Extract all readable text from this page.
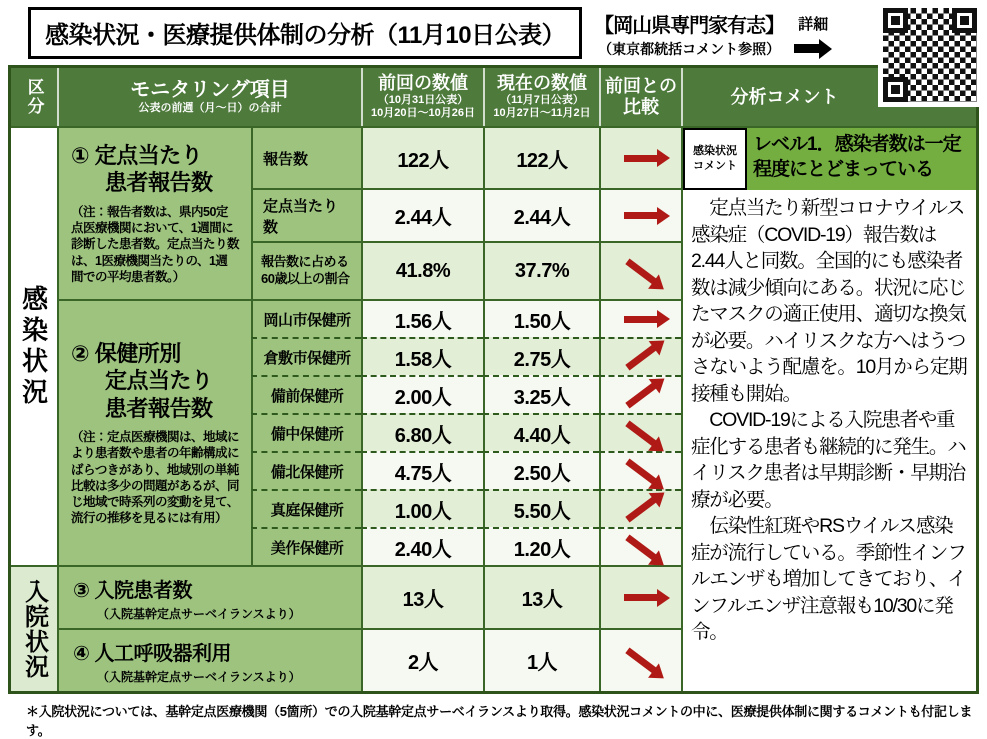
感染状況・医療提供体制の分析（11月10日公表）	【岡山県専門家有志】
（東京都統括コメント参照）
詳細
区分	モニタリング項目
公表の前週（月～日）の合計
前回の数値
（10月31日公表）
10月20日～10月26日
現在の数値
（11月7日公表）
10月27日～11月2日
前回との比較
分析コメント
感染状況
入院状況
① 定点当たり
患者報告数
（注：報告者数は、県内50定点医療機関において、1週間に診断した患者数。定点当たり数は、1医療機関当たりの、1週間での平均患者数。）
② 保健所別
定点当たり
患者報告数
（注：定点医療機関は、地域により患者数や患者の年齢構成にばらつきがあり、地域別の単純比較は多少の問題があるが、同じ地域で時系列の変動を見て、流行の推移を見るには有用）
③ 入院患者数
（入院基幹定点サーベイランスより）
④ 人工呼吸器利用
（入院基幹定点サーベイランスより）
報告数
定点当たり数
報告数に占める60歳以上の割合
岡山市保健所
倉敷市保健所
備前保健所
備中保健所
備北保健所
真庭保健所
美作保健所
122人
2.44人
41.8%
1.56人
1.58人
2.00人
6.80人
4.75人
1.00人
2.40人
13人
2人
122人
2.44人
37.7%
1.50人
2.75人
3.25人
4.40人
2.50人
5.50人
1.20人
13人
1人
感染状況コメント
レベル1．感染者数は一定程度にとどまっている

　定点当たり新型コロナウイルス感染症（COVID-19）報告数は2.44人と同数。全国的にも感染者数は減少傾向にある。状況に応じたマスクの適正使用、適切な換気が必要。ハイリスクな方へはうつさないよう配慮を。10月から定期接種も開始。

　COVID-19による入院患者や重症化する患者も継続的に発生。ハイリスク患者は早期診断・早期治療が必要。

　伝染性紅斑やRSウイルス感染症が流行している。季節性インフルエンザも増加してきており、インフルエンザ注意報も10/30に発令。

＊入院状況については、基幹定点医療機関（5箇所）での入院基幹定点サーベイランスより取得。感染状況コメントの中に、医療提供体制に関するコメントも付記します。
